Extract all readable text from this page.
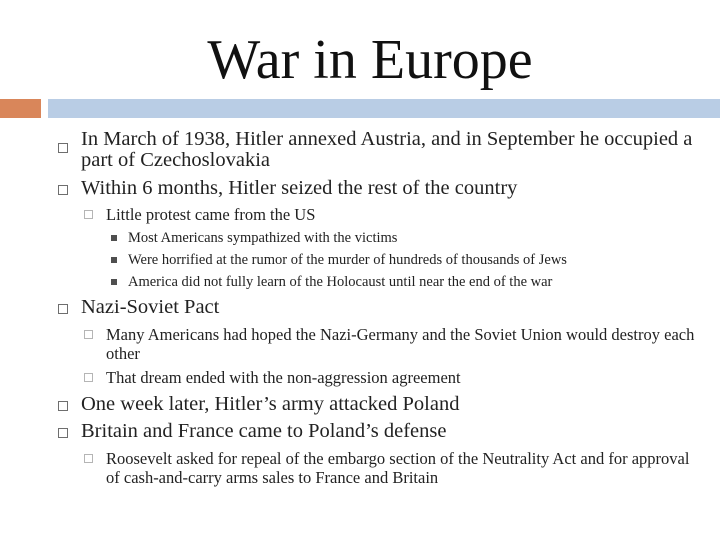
War in Europe

In March of 1938, Hitler annexed Austria, and in September he occupied a part of Czechoslovakia

Within 6 months, Hitler seized the rest of the country

Little protest came from the US

Most Americans sympathized with the victims

Were horrified at the rumor of the murder of hundreds of thousands of Jews

America did not fully learn of the Holocaust until near the end of the war

Nazi-Soviet Pact

Many Americans had hoped the Nazi-Germany and the Soviet Union would destroy each other

That dream ended with the non-aggression agreement

One week later, Hitler’s army attacked Poland

Britain and France came to Poland’s defense

Roosevelt asked for repeal of the embargo section of the Neutrality Act and for approval of cash-and-carry arms sales to France and Britain
